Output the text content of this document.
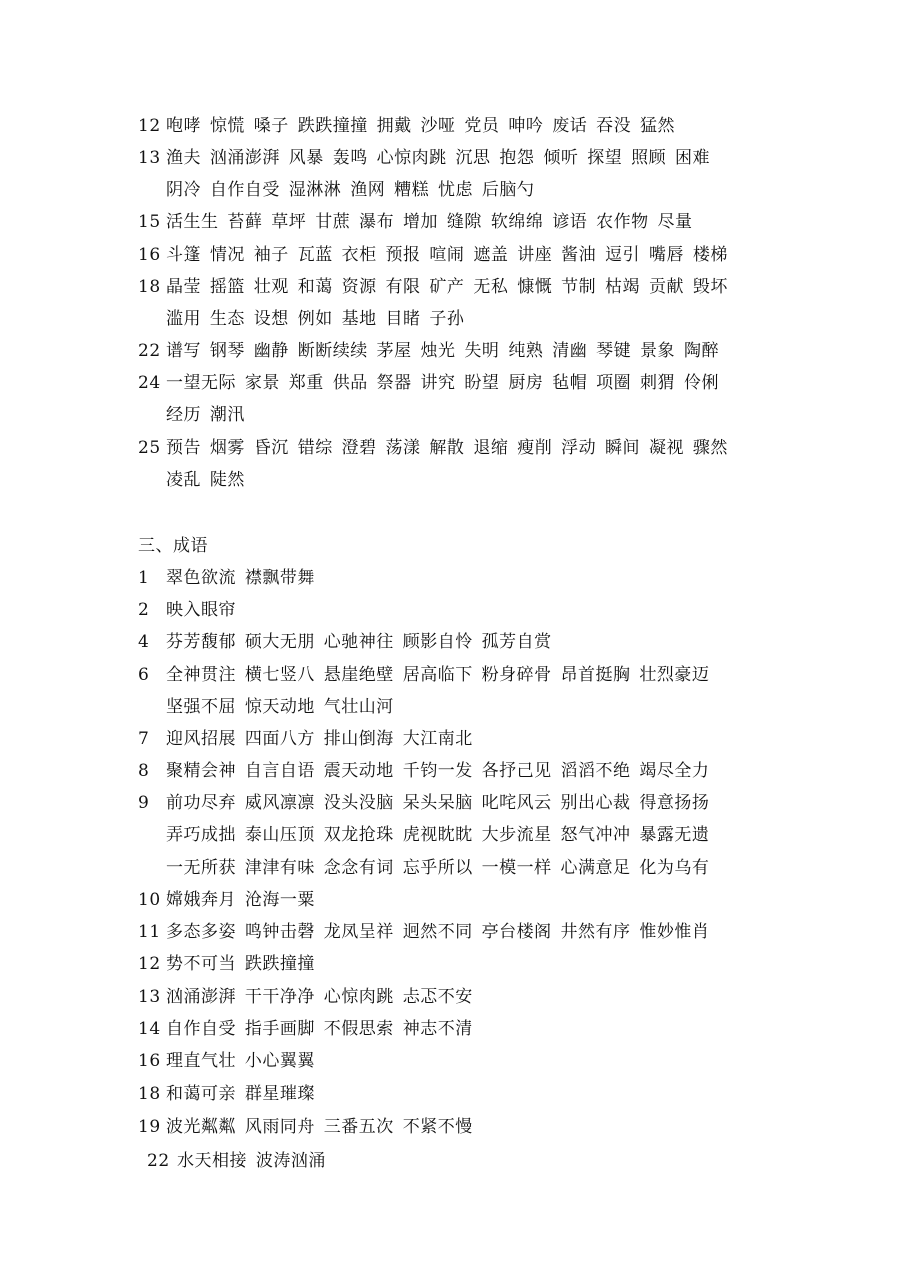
12 咆哮 惊慌 嗓子 跌跌撞撞 拥戴 沙哑 党员 呻吟 废话 吞没 猛然
13 渔夫 汹涌澎湃 风暴 轰鸣 心惊肉跳 沉思 抱怨 倾听 探望 照顾 困难
阴冷 自作自受 湿淋淋 渔网 糟糕 忧虑 后脑勺
15 活生生 苔藓 草坪 甘蔗 瀑布 增加 缝隙 软绵绵 谚语 农作物 尽量
16 斗篷 情况 袖子 瓦蓝 衣柜 预报 喧闹 遮盖 讲座 酱油 逗引 嘴唇 楼梯
18 晶莹 摇篮 壮观 和蔼 资源 有限 矿产 无私 慷慨 节制 枯竭 贡献 毁坏
滥用 生态 设想 例如 基地 目睹 子孙
22 谱写 钢琴 幽静 断断续续 茅屋 烛光 失明 纯熟 清幽 琴键 景象 陶醉
24 一望无际 家景 郑重 供品 祭器 讲究 盼望 厨房 毡帽 项圈 刺猬 伶俐
经历 潮汛
25 预告 烟雾 昏沉 错综 澄碧 荡漾 解散 退缩 瘦削 浮动 瞬间 凝视 骤然
凌乱 陡然
三、成语
1 翠色欲流 襟飘带舞
2 映入眼帘
4 芬芳馥郁 硕大无朋 心驰神往 顾影自怜 孤芳自赏
6 全神贯注 横七竖八 悬崖绝壁 居高临下 粉身碎骨 昂首挺胸 壮烈豪迈
坚强不屈 惊天动地 气壮山河
7 迎风招展 四面八方 排山倒海 大江南北
8 聚精会神 自言自语 震天动地 千钧一发 各抒己见 滔滔不绝 竭尽全力
9 前功尽弃 威风凛凛 没头没脑 呆头呆脑 叱咤风云 别出心裁 得意扬扬
弄巧成拙 泰山压顶 双龙抢珠 虎视眈眈 大步流星 怒气冲冲 暴露无遗
一无所获 津津有味 念念有词 忘乎所以 一模一样 心满意足 化为乌有
10 嫦娥奔月 沧海一粟
11 多态多姿 鸣钟击磬 龙凤呈祥 迥然不同 亭台楼阁 井然有序 惟妙惟肖
12 势不可当 跌跌撞撞
13 汹涌澎湃 干干净净 心惊肉跳 忐忑不安
14 自作自受 指手画脚 不假思索 神志不清
16 理直气壮 小心翼翼
18 和蔼可亲 群星璀璨
19 波光粼粼 风雨同舟 三番五次 不紧不慢
22 水天相接 波涛汹涌
